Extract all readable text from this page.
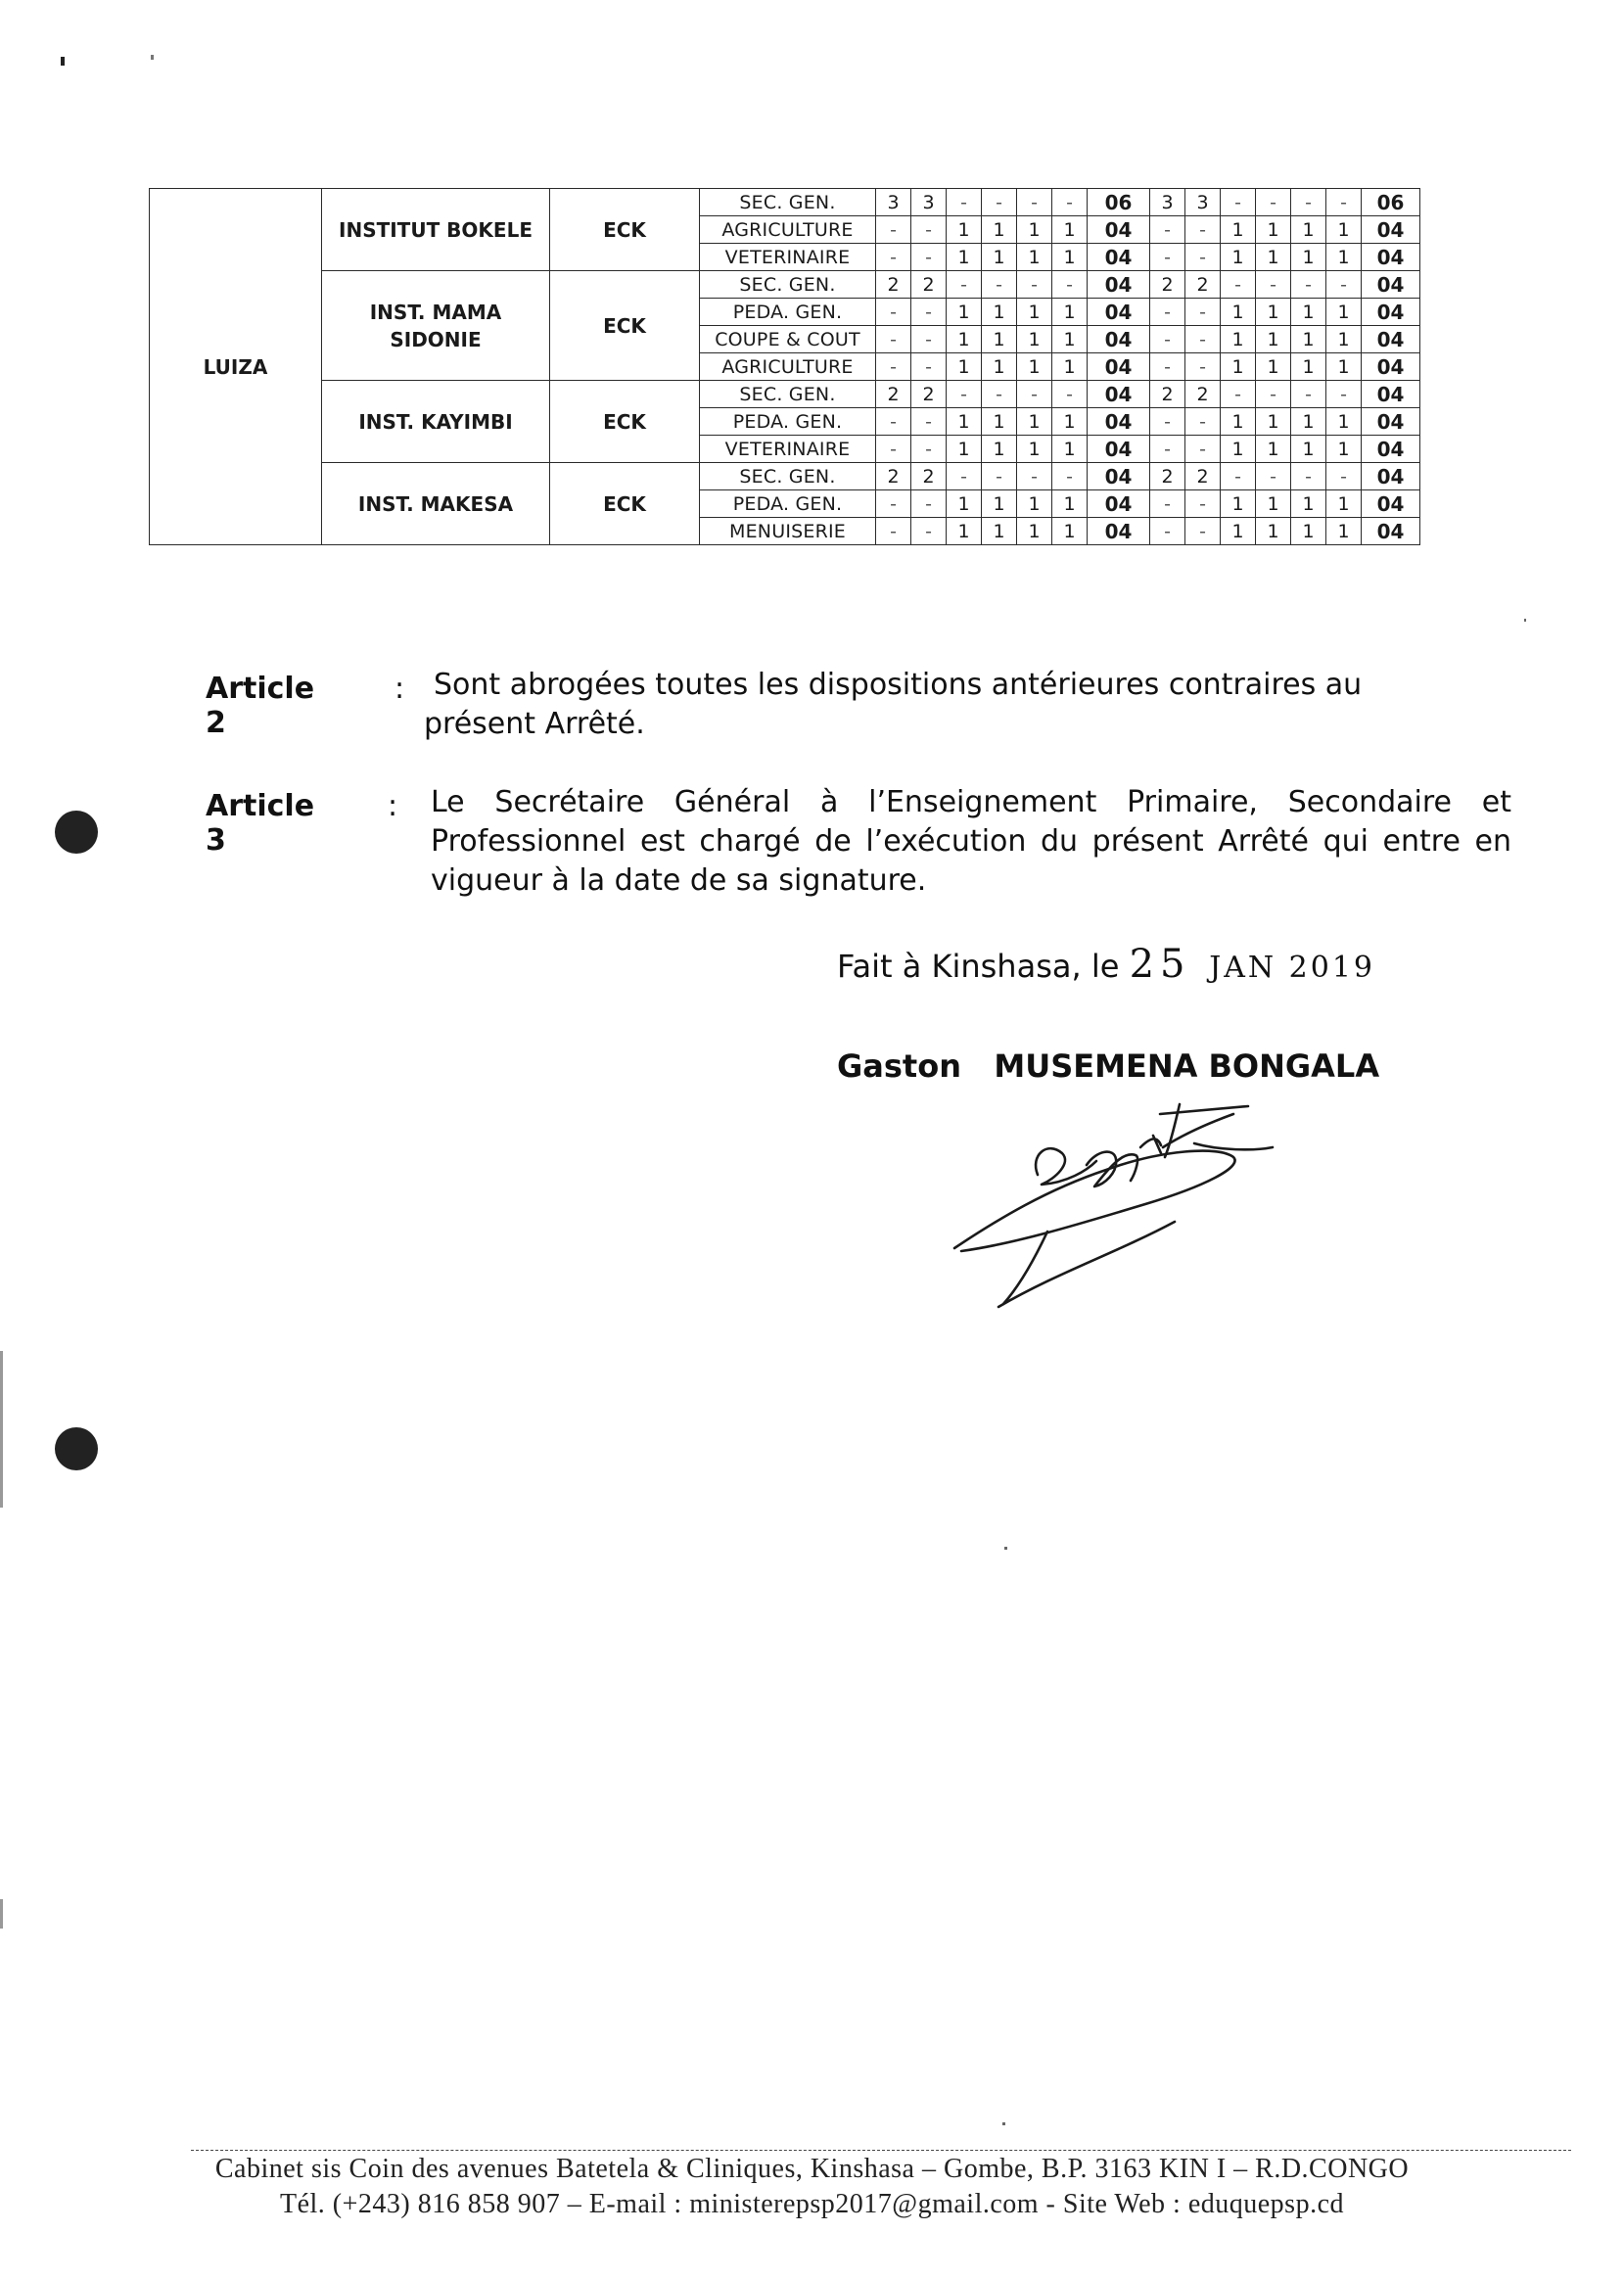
LUIZA	INSTITUT BOKELE	ECK	SEC. GEN.	3	3	-	-	-	-	06	3	3	-	-	-	-	06
			AGRICULTURE	-	-	1	1	1	1	04	-	-	1	1	1	1	04
			VETERINAIRE	-	-	1	1	1	1	04	-	-	1	1	1	1	04
	INST. MAMA SIDONIE	ECK	SEC. GEN.	2	2	-	-	-	-	04	2	2	-	-	-	-	04
			PEDA. GEN.	-	-	1	1	1	1	04	-	-	1	1	1	1	04
			COUPE & COUT	-	-	1	1	1	1	04	-	-	1	1	1	1	04
			AGRICULTURE	-	-	1	1	1	1	04	-	-	1	1	1	1	04
	INST. KAYIMBI	ECK	SEC. GEN.	2	2	-	-	-	-	04	2	2	-	-	-	-	04
			PEDA. GEN.	-	-	1	1	1	1	04	-	-	1	1	1	1	04
			VETERINAIRE	-	-	1	1	1	1	04	-	-	1	1	1	1	04
	INST. MAKESA	ECK	SEC. GEN.	2	2	-	-	-	-	04	2	2	-	-	-	-	04
			PEDA. GEN.	-	-	1	1	1	1	04	-	-	1	1	1	1	04
			MENUISERIE	-	-	1	1	1	1	04	-	-	1	1	1	1	04
Article 2
: Sont abrogées toutes les dispositions antérieures contraires au
présent Arrêté.
Article 3
: Le Secrétaire Général à l’Enseignement Primaire, Secondaire et Professionnel est chargé de l’exécution du présent Arrêté qui entre en vigueur à la date de sa signature.
Fait à Kinshasa, le 25 JAN 2019
Gaston MUSEMENA BONGALA
Cabinet sis Coin des avenues Batetela & Cliniques, Kinshasa – Gombe, B.P. 3163 KIN I – R.D.CONGO
Tél. (+243) 816 858 907 – E-mail : ministerepsp2017@gmail.com - Site Web : eduquepsp.cd
